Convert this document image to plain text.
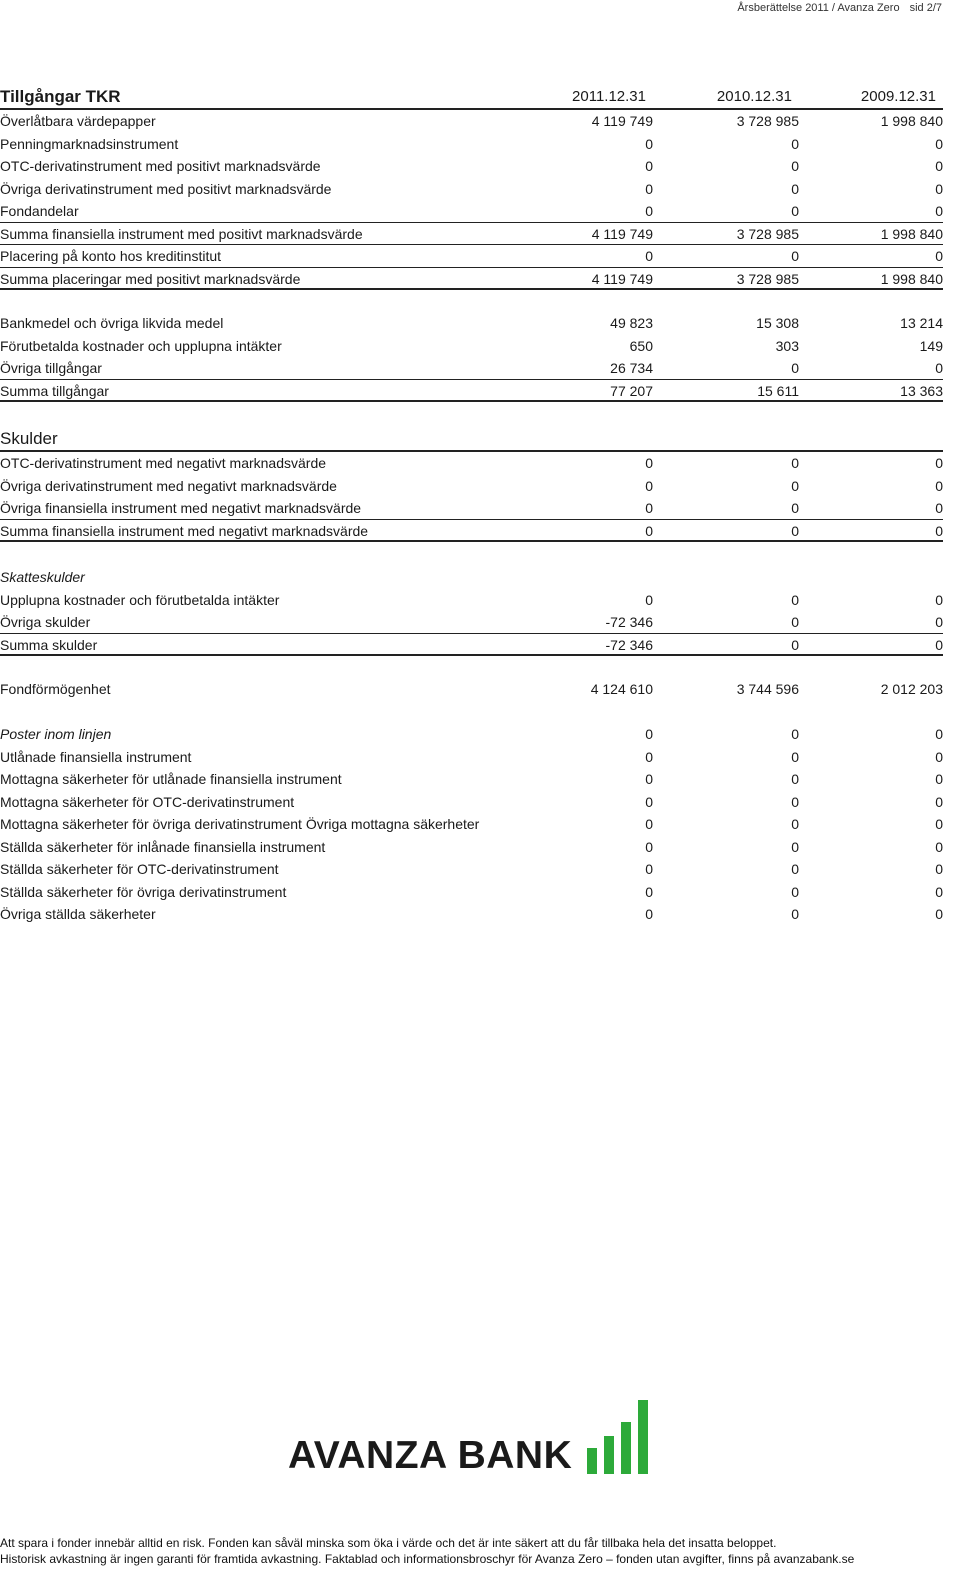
Årsberättelse 2011 / Avanza Zero sid 2/7
Tillgångar TKR	2011.12.31	2010.12.31	2009.12.31
Överlåtbara värdepapper	4 119 749	3 728 985	1 998 840
Penningmarknadsinstrument	0	0	0
OTC-derivatinstrument med positivt marknadsvärde	0	0	0
Övriga derivatinstrument med positivt marknadsvärde	0	0	0
Fondandelar	0	0	0
Summa finansiella instrument med positivt marknadsvärde	4 119 749	3 728 985	1 998 840
Placering på konto hos kreditinstitut	0	0	0
Summa placeringar med positivt marknadsvärde	4 119 749	3 728 985	1 998 840
Bankmedel och övriga likvida medel	49 823	15 308	13 214
Förutbetalda kostnader och upplupna intäkter	650	303	149
Övriga tillgångar	26 734	0	0
Summa tillgångar	77 207	15 611	13 363
Skulder
OTC-derivatinstrument med negativt marknadsvärde	0	0	0
Övriga derivatinstrument med negativt marknadsvärde	0	0	0
Övriga finansiella instrument med negativt marknadsvärde	0	0	0
Summa finansiella instrument med negativt marknadsvärde	0	0	0
Skatteskulder
Upplupna kostnader och förutbetalda intäkter	0	0	0
Övriga skulder	-72 346	0	0
Summa skulder	-72 346	0	0
Fondförmögenhet	4 124 610	3 744 596	2 012 203
Poster inom linjen	0	0	0
Utlånade finansiella instrument	0	0	0
Mottagna säkerheter för utlånade finansiella instrument	0	0	0
Mottagna säkerheter för OTC-derivatinstrument	0	0	0
Mottagna säkerheter för övriga derivatinstrument Övriga mottagna säkerheter	0	0	0
Ställda säkerheter för inlånade finansiella instrument	0	0	0
Ställda säkerheter för OTC-derivatinstrument	0	0	0
Ställda säkerheter för övriga derivatinstrument	0	0	0
Övriga ställda säkerheter	0	0	0
AVANZA BANK
Att spara i fonder innebär alltid en risk. Fonden kan såväl minska som öka i värde och det är inte säkert att du får tillbaka hela det insatta beloppet.
Historisk avkastning är ingen garanti för framtida avkastning. Faktablad och informationsbroschyr för Avanza Zero – fonden utan avgifter, finns på avanzabank.se
